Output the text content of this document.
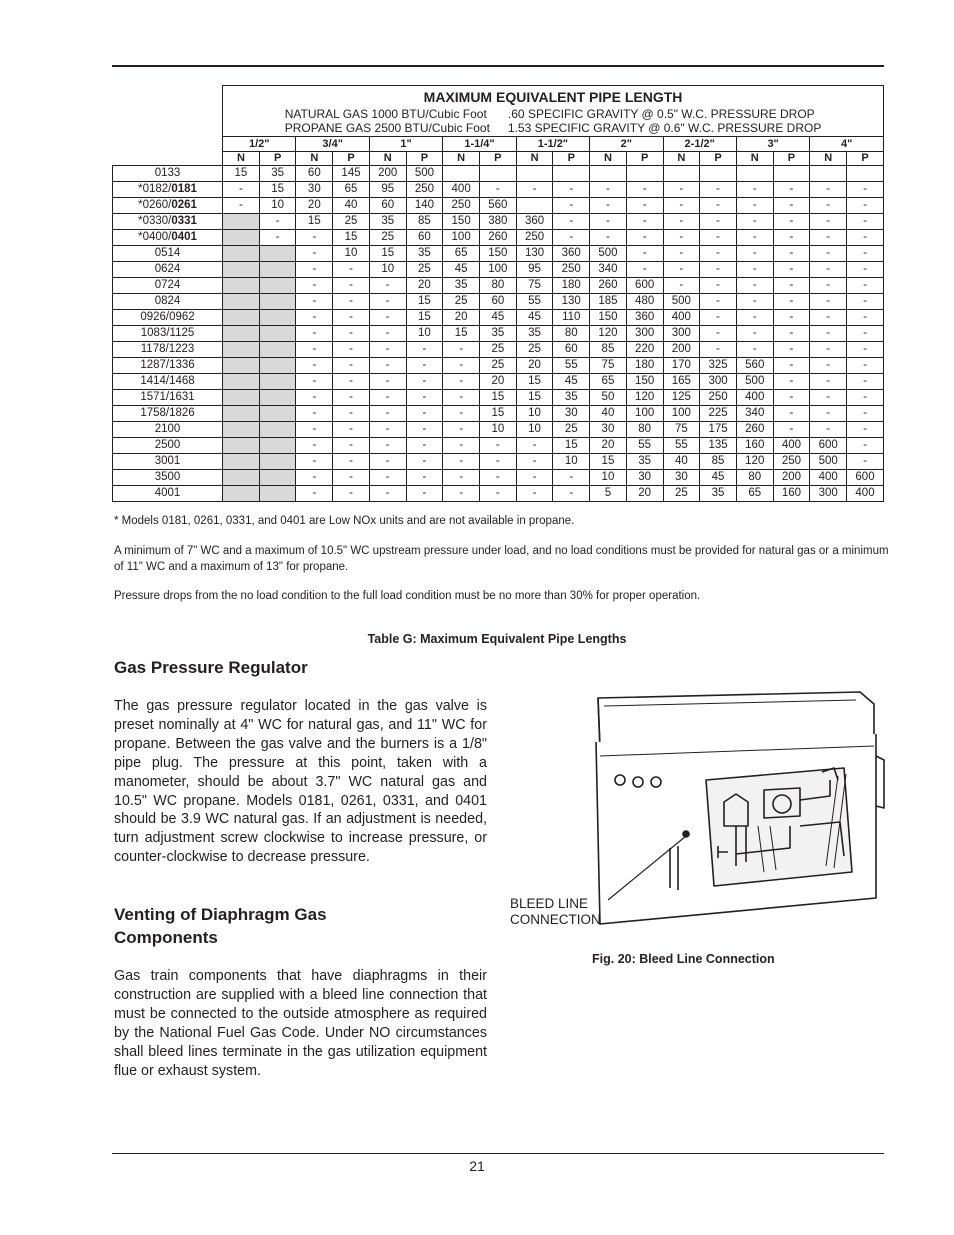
	MAXIMUM EQUIVALENT PIPE LENGTH
NATURAL GAS 1000 BTU/Cubic Foot
PROPANE GAS 2500 BTU/Cubic Foot
.60 SPECIFIC GRAVITY @ 0.5" W.C. PRESSURE DROP
1.53 SPECIFIC GRAVITY @ 0.6" W.C. PRESSURE DROP																	

	1/2"		3/4"		1"		1-1/4"		1-1/2"		2"		2-1/2"		3"		4"	
	N	P	N	P	N	P	N	P	N	P	N	P	N	P	N	P	N	P
0133	15	35	60	145	200	500												
*0182/0181	-	15	30	65	95	250	400	-	-	-	-	-	-	-	-	-	-	-
*0260/0261	-	10	20	40	60	140	250	560		-	-	-	-	-	-	-	-	-
*0330/0331		-	15	25	35	85	150	380	360	-	-	-	-	-	-	-	-	-
*0400/0401		-	-	15	25	60	100	260	250	-	-	-	-	-	-	-	-	-
0514			-	10	15	35	65	150	130	360	500	-	-	-	-	-	-	-
0624			-	-	10	25	45	100	95	250	340	-	-	-	-	-	-	-
0724			-	-	-	20	35	80	75	180	260	600	-	-	-	-	-	-
0824			-	-	-	15	25	60	55	130	185	480	500	-	-	-	-	-
0926/0962			-	-	-	15	20	45	45	110	150	360	400	-	-	-	-	-
1083/1125			-	-	-	10	15	35	35	80	120	300	300	-	-	-	-	-
1178/1223			-	-	-	-	-	25	25	60	85	220	200	-	-	-	-	-
1287/1336			-	-	-	-	-	25	20	55	75	180	170	325	560	-	-	-
1414/1468			-	-	-	-	-	20	15	45	65	150	165	300	500	-	-	-
1571/1631			-	-	-	-	-	15	15	35	50	120	125	250	400	-	-	-
1758/1826			-	-	-	-	-	15	10	30	40	100	100	225	340	-	-	-
2100			-	-	-	-	-	10	10	25	30	80	75	175	260	-	-	-
2500			-	-	-	-	-	-	-	15	20	55	55	135	160	400	600	-
3001			-	-	-	-	-	-	-	10	15	35	40	85	120	250	500	-
3500			-	-	-	-	-	-	-	-	10	30	30	45	80	200	400	600
4001			-	-	-	-	-	-	-	-	5	20	25	35	65	160	300	400

* Models 0181, 0261, 0331, and 0401 are Low NOx units and are not available in propane.

A minimum of 7" WC and a maximum of 10.5" WC upstream pressure under load, and no load conditions must be provided for natural gas or a minimum of 11" WC and a maximum of 13" for propane.

Pressure drops from the no load condition to the full load condition must be no more than 30% for proper operation.

Table G: Maximum Equivalent Pipe Lengths

Gas Pressure Regulator

The gas pressure regulator located in the gas valve is preset nominally at 4" WC for natural gas, and 11" WC for propane. Between the gas valve and the burners is a 1/8" pipe plug. The pressure at this point, taken with a manometer, should be about 3.7" WC natural gas and 10.5" WC propane. Models 0181, 0261, 0331, and 0401 should be 3.9 WC natural gas. If an adjustment is needed, turn adjustment screw clockwise to increase pressure, or counter-clockwise to decrease pressure.

Venting of Diaphragm Gas
Components

Gas train components that have diaphragms in their construction are supplied with a bleed line connection that must be connected to the outside atmosphere as required by the National Fuel Gas Code. Under NO circumstances shall bleed lines terminate in the gas utilization equipment flue or exhaust system.

BLEED LINE
CONNECTION

Fig. 20: Bleed Line Connection

21
